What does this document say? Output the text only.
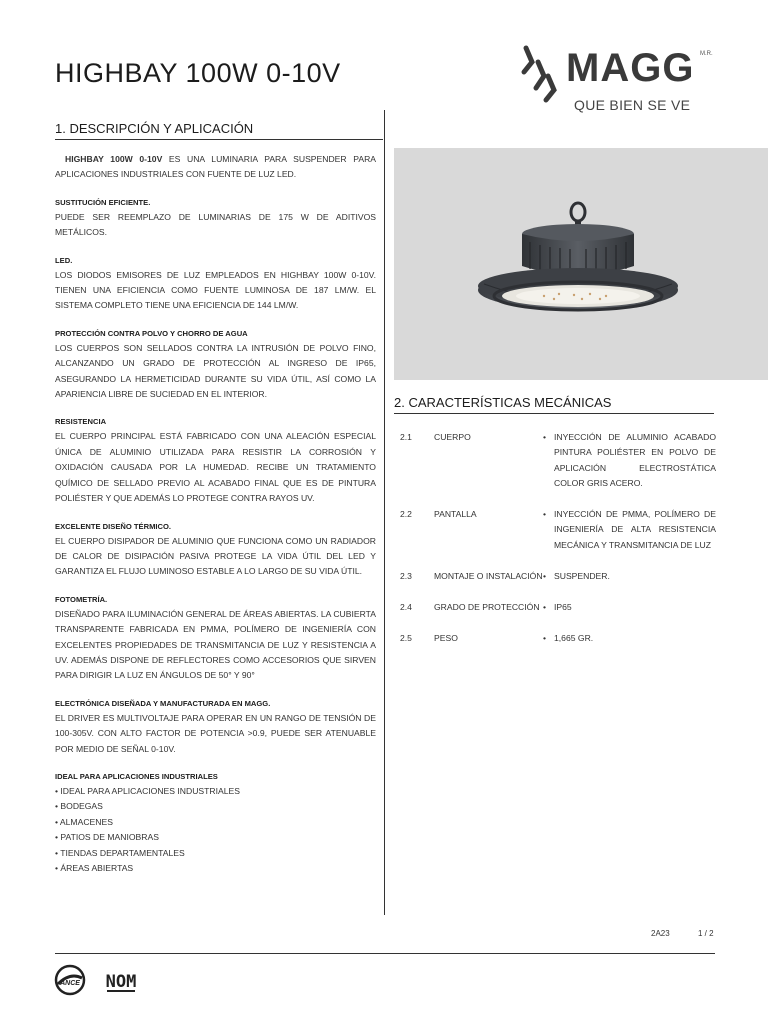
HIGHBAY 100W 0-10V	MAGG M.R.
QUE BIEN SE VE
1. DESCRIPCIÓN Y APLICACIÓN

HIGHBAY 100W 0-10V ES UNA LUMINARIA PARA SUSPENDER PARA APLICACIONES INDUSTRIALES CON FUENTE DE LUZ LED.

SUSTITUCIÓN EFICIENTE.

PUEDE SER REEMPLAZO DE LUMINARIAS DE 175 W DE ADITIVOS METÁLICOS.

LED.

LOS DIODOS EMISORES DE LUZ EMPLEADOS EN HIGHBAY 100W 0-10V. TIENEN UNA EFICIENCIA COMO FUENTE LUMINOSA DE 187 LM/W. EL SISTEMA COMPLETO TIENE UNA EFICIENCIA DE 144 LM/W.

PROTECCIÓN CONTRA POLVO Y CHORRO DE AGUA

LOS CUERPOS SON SELLADOS CONTRA LA INTRUSIÓN DE POLVO FINO, ALCANZANDO UN GRADO DE PROTECCIÓN AL INGRESO DE IP65, ASEGURANDO LA HERMETICIDAD DURANTE SU VIDA ÚTIL, ASÍ COMO LA APARIENCIA LIBRE DE SUCIEDAD EN EL INTERIOR.

RESISTENCIA

EL CUERPO PRINCIPAL ESTÁ FABRICADO CON UNA ALEACIÓN ESPECIAL ÚNICA DE ALUMINIO UTILIZADA PARA RESISTIR LA CORROSIÓN Y OXIDACIÓN CAUSADA POR LA HUMEDAD. RECIBE UN TRATAMIENTO QUÍMICO DE SELLADO PREVIO AL ACABADO FINAL QUE ES DE PINTURA POLIÉSTER Y QUE ADEMÁS LO PROTEGE CONTRA RAYOS UV.

EXCELENTE DISEÑO TÉRMICO.

EL CUERPO DISIPADOR DE ALUMINIO QUE FUNCIONA COMO UN RADIADOR DE CALOR DE DISIPACIÓN PASIVA PROTEGE LA VIDA ÚTIL DEL LED Y GARANTIZA EL FLUJO LUMINOSO ESTABLE A LO LARGO DE SU VIDA ÚTIL.

FOTOMETRÍA.

DISEÑADO PARA ILUMINACIÓN GENERAL DE ÁREAS ABIERTAS. LA CUBIERTA TRANSPARENTE FABRICADA EN PMMA, POLÍMERO DE INGENIERÍA CON EXCELENTES PROPIEDADES DE TRANSMITANCIA DE LUZ Y RESISTENCIA A UV. ADEMÁS DISPONE DE REFLECTORES COMO ACCESORIOS QUE SIRVEN PARA DIRIGIR LA LUZ EN ÁNGULOS DE 50° Y 90°

ELECTRÓNICA DISEÑADA Y MANUFACTURADA EN MAGG.

EL DRIVER ES MULTIVOLTAJE PARA OPERAR EN UN RANGO DE TENSIÓN DE 100-305V. CON ALTO FACTOR DE POTENCIA >0.9, PUEDE SER ATENUABLE POR MEDIO DE SEÑAL 0-10V.

IDEAL PARA APLICACIONES INDUSTRIALES
• IDEAL PARA APLICACIONES INDUSTRIALES
• BODEGAS
• ALMACENES
• PATIOS DE MANIOBRAS
• TIENDAS DEPARTAMENTALES
• ÁREAS ABIERTAS
2. CARACTERÍSTICAS MECÁNICAS
2.1	CUERPO	• INYECCIÓN DE ALUMINIO ACABADO PINTURA POLIÉSTER EN POLVO DE APLICACIÓN ELECTROSTÁTICA COLOR GRIS ACERO.
2.2	PANTALLA	• INYECCIÓN DE PMMA, POLÍMERO DE INGENIERÍA DE ALTA RESISTENCIA MECÁNICA Y TRANSMITANCIA DE LUZ
2.3	MONTAJE O INSTALACIÓN • SUSPENDER.
2.4	GRADO DE PROTECCIÓN • IP65
2.5	PESO	• 1,665 GR.
2A23	1 / 2
ANCE NOM
